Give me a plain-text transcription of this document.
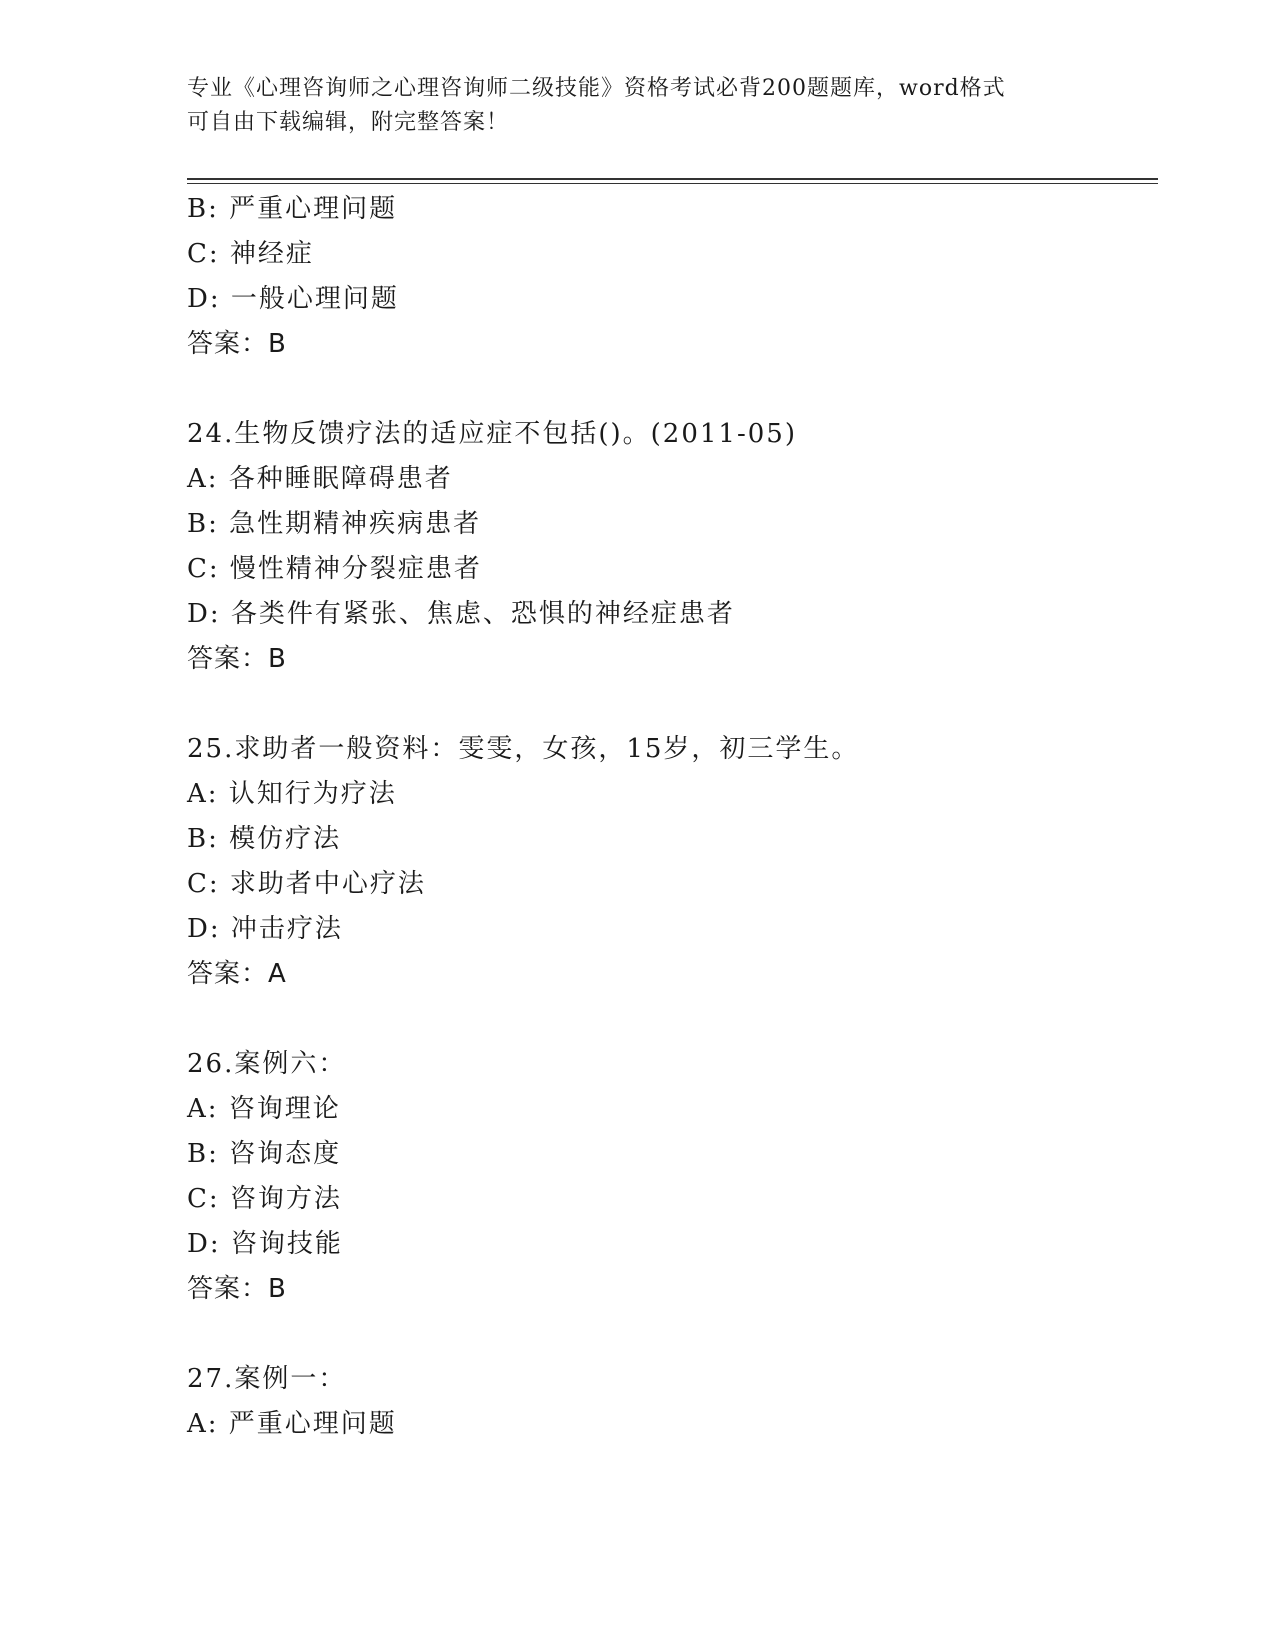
专业《心理咨询师之心理咨询师二级技能》资格考试必背200题题库，word格式
可自由下载编辑，附完整答案！
B: 严重心理问题
C: 神经症
D: 一般心理问题
答案：B
24.生物反馈疗法的适应症不包括()。(2011-05)
A: 各种睡眠障碍患者
B: 急性期精神疾病患者
C: 慢性精神分裂症患者
D: 各类件有紧张、焦虑、恐惧的神经症患者
答案：B
25.求助者一般资料：雯雯，女孩，15岁，初三学生。
A: 认知行为疗法
B: 模仿疗法
C: 求助者中心疗法
D: 冲击疗法
答案：A
26.案例六：
A: 咨询理论
B: 咨询态度
C: 咨询方法
D: 咨询技能
答案：B
27.案例一：
A: 严重心理问题
